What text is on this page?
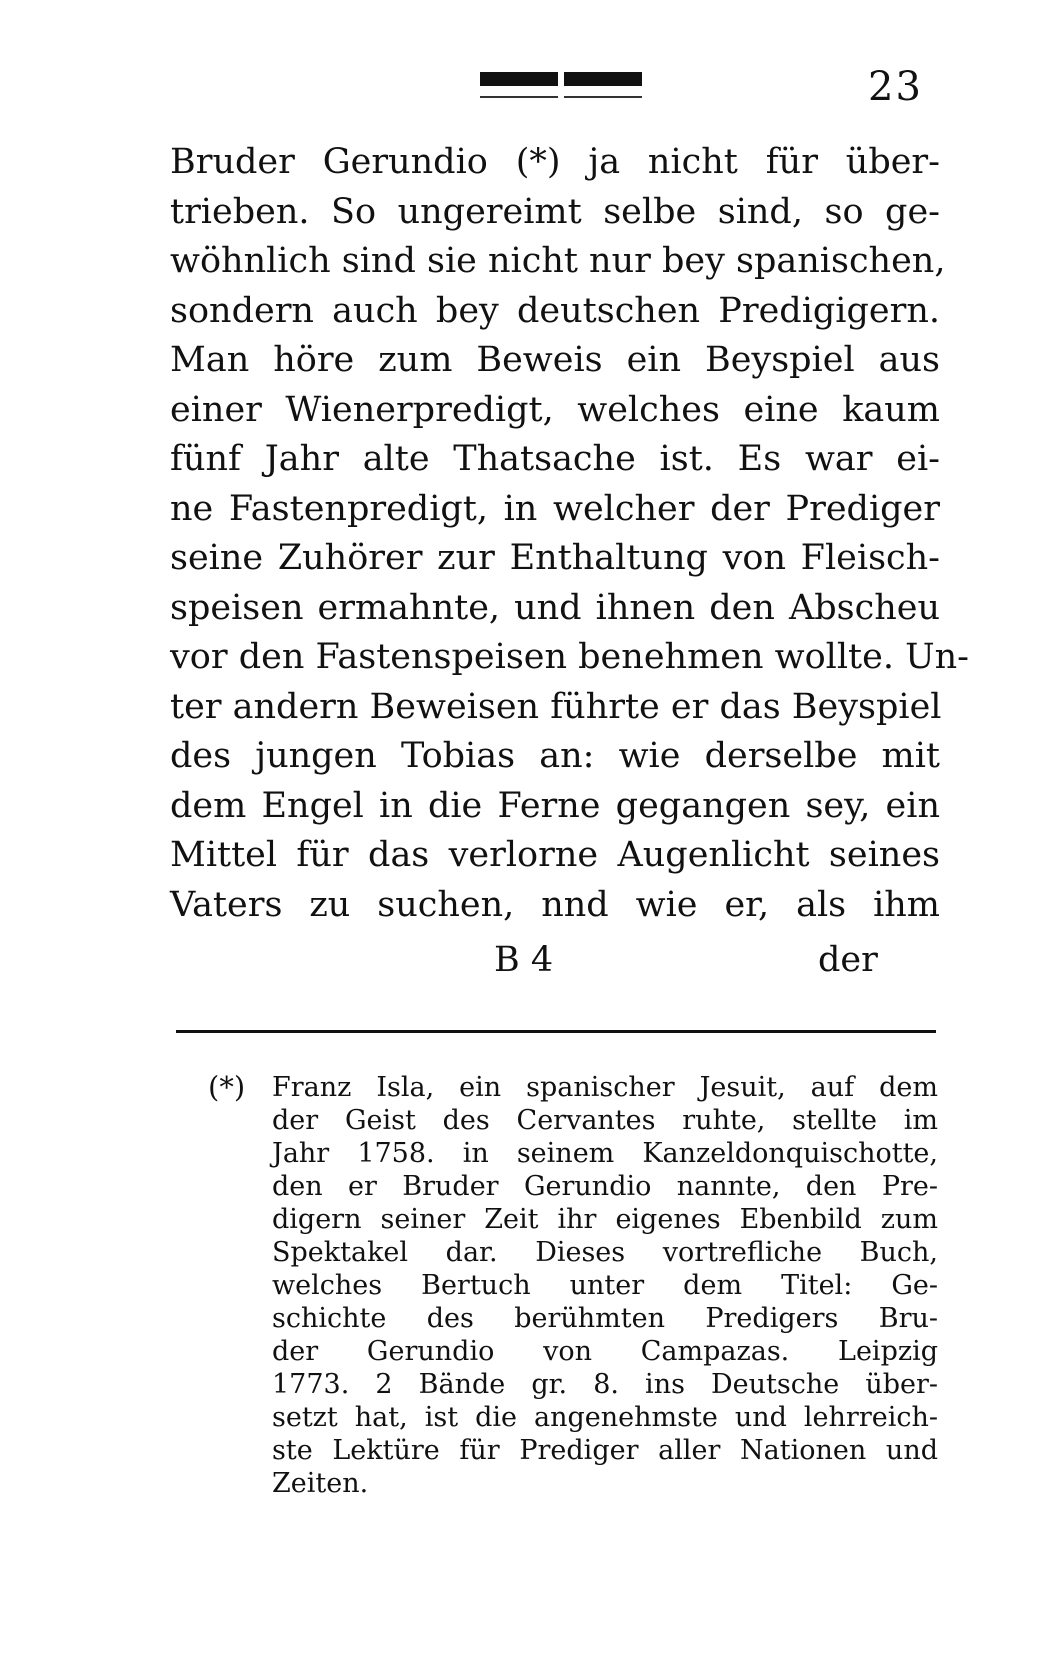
23
Bruder Gerundio (*) ja nicht für über-
trieben. So ungereimt selbe sind, so ge-
wöhnlich sind sie nicht nur bey spanischen,
sondern auch bey deutschen Predigigern.
Man höre zum Beweis ein Beyspiel aus
einer Wienerpredigt, welches eine kaum
fünf Jahr alte Thatsache ist. Es war ei-
ne Fastenpredigt, in welcher der Prediger
seine Zuhörer zur Enthaltung von Fleisch-
speisen ermahnte, und ihnen den Abscheu
vor den Fastenspeisen benehmen wollte. Un-
ter andern Beweisen führte er das Beyspiel
des jungen Tobias an: wie derselbe mit
dem Engel in die Ferne gegangen sey, ein
Mittel für das verlorne Augenlicht seines
Vaters zu suchen, nnd wie er, als ihm
B 4	der
(*) Franz Isla, ein spanischer Jesuit, auf dem
der Geist des Cervantes ruhte, stellte im
Jahr 1758. in seinem Kanzeldonquischotte,
den er Bruder Gerundio nannte, den Pre-
digern seiner Zeit ihr eigenes Ebenbild zum
Spektakel dar. Dieses vortrefliche Buch,
welches Bertuch unter dem Titel: Ge-
schichte des berühmten Predigers Bru-
der Gerundio von Campazas. Leipzig
1773. 2 Bände gr. 8. ins Deutsche über-
setzt hat, ist die angenehmste und lehrreich-
ste Lektüre für Prediger aller Nationen und
Zeiten.
